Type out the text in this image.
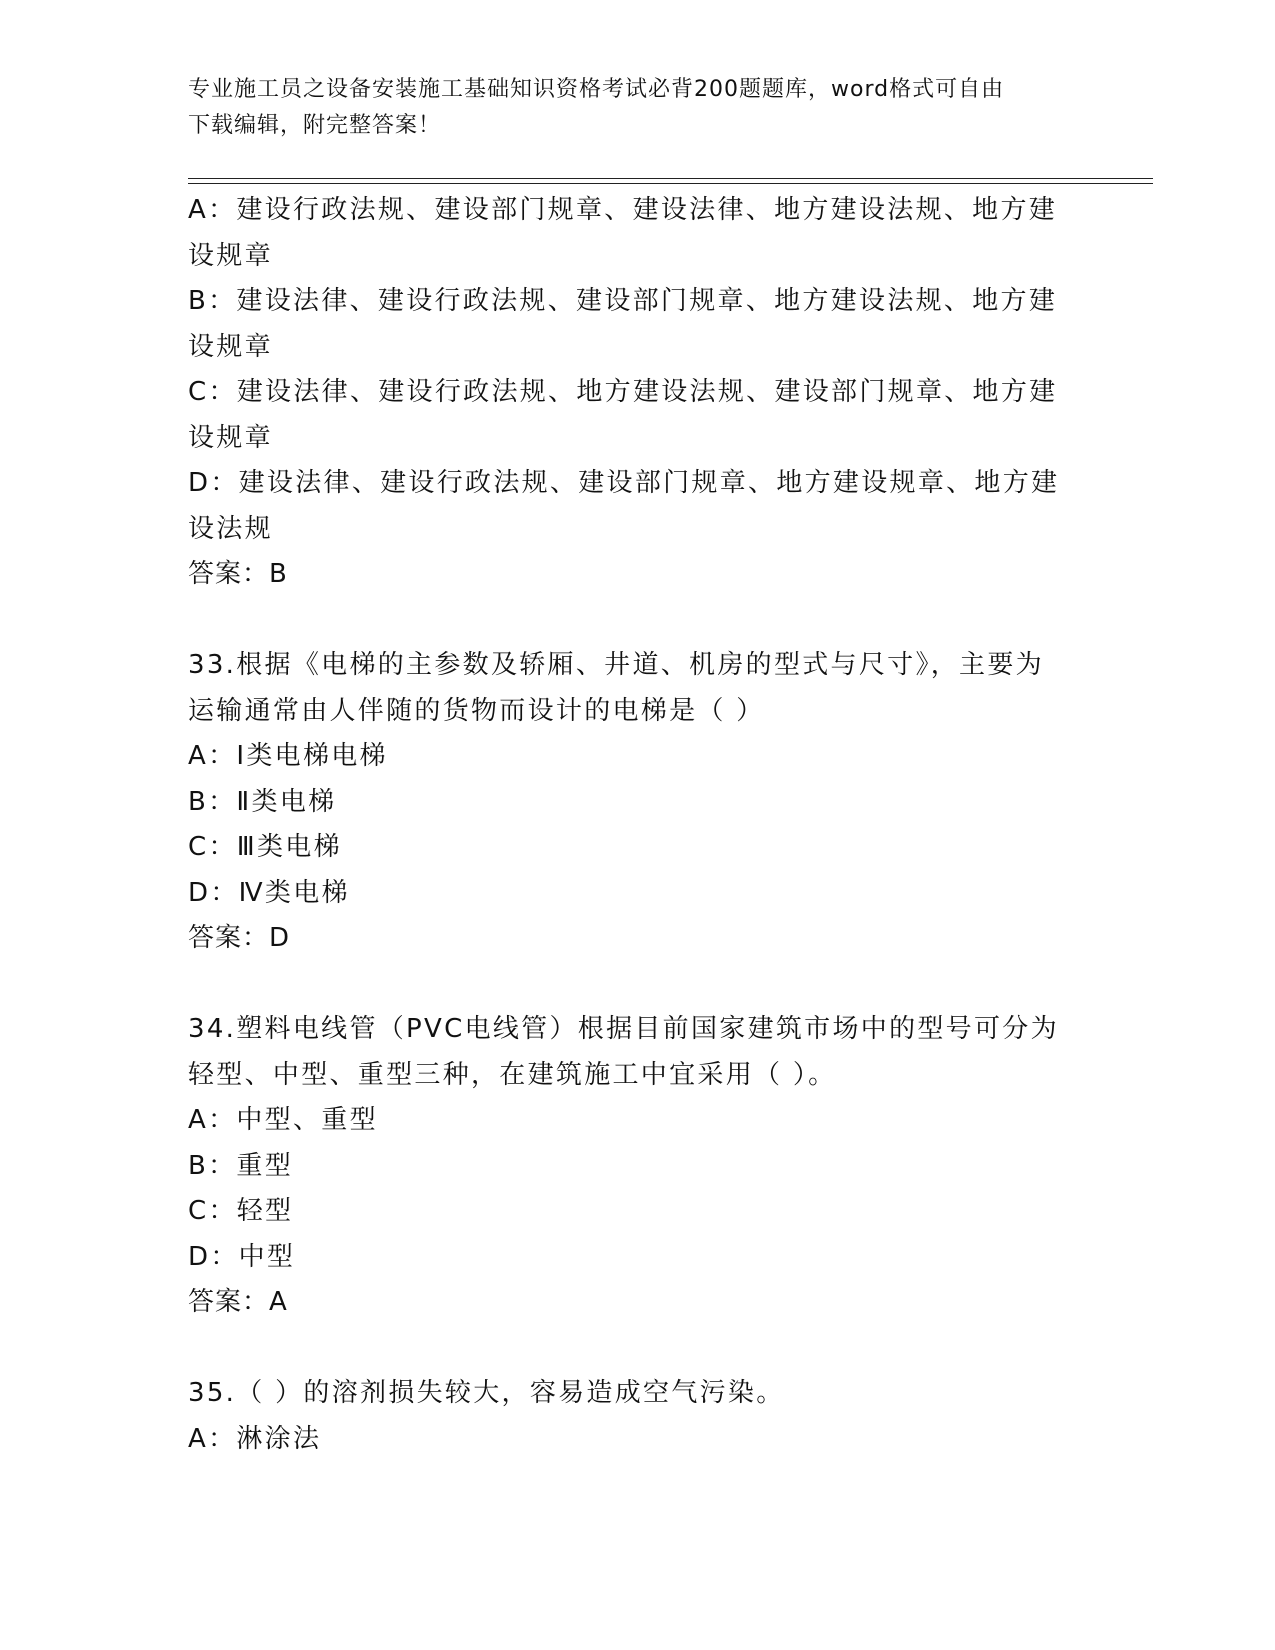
专业施工员之设备安装施工基础知识资格考试必背200题题库，word格式可自由
下载编辑，附完整答案！

A：建设行政法规、建设部门规章、建设法律、地方建设法规、地方建

设规章

B：建设法律、建设行政法规、建设部门规章、地方建设法规、地方建

设规章

C：建设法律、建设行政法规、地方建设法规、建设部门规章、地方建

设规章

D：建设法律、建设行政法规、建设部门规章、地方建设规章、地方建

设法规

答案：B

33.根据《电梯的主参数及轿厢、井道、机房的型式与尺寸》，主要为

运输通常由人伴随的货物而设计的电梯是（ ）

A：Ⅰ类电梯电梯

B：Ⅱ类电梯

C：Ⅲ类电梯

D：Ⅳ类电梯

答案：D

34.塑料电线管（PVC电线管）根据目前国家建筑市场中的型号可分为

轻型、中型、重型三种，在建筑施工中宜采用（ ）。

A：中型、重型

B：重型

C：轻型

D：中型

答案：A

35.（ ）的溶剂损失较大，容易造成空气污染。

A：淋涂法
